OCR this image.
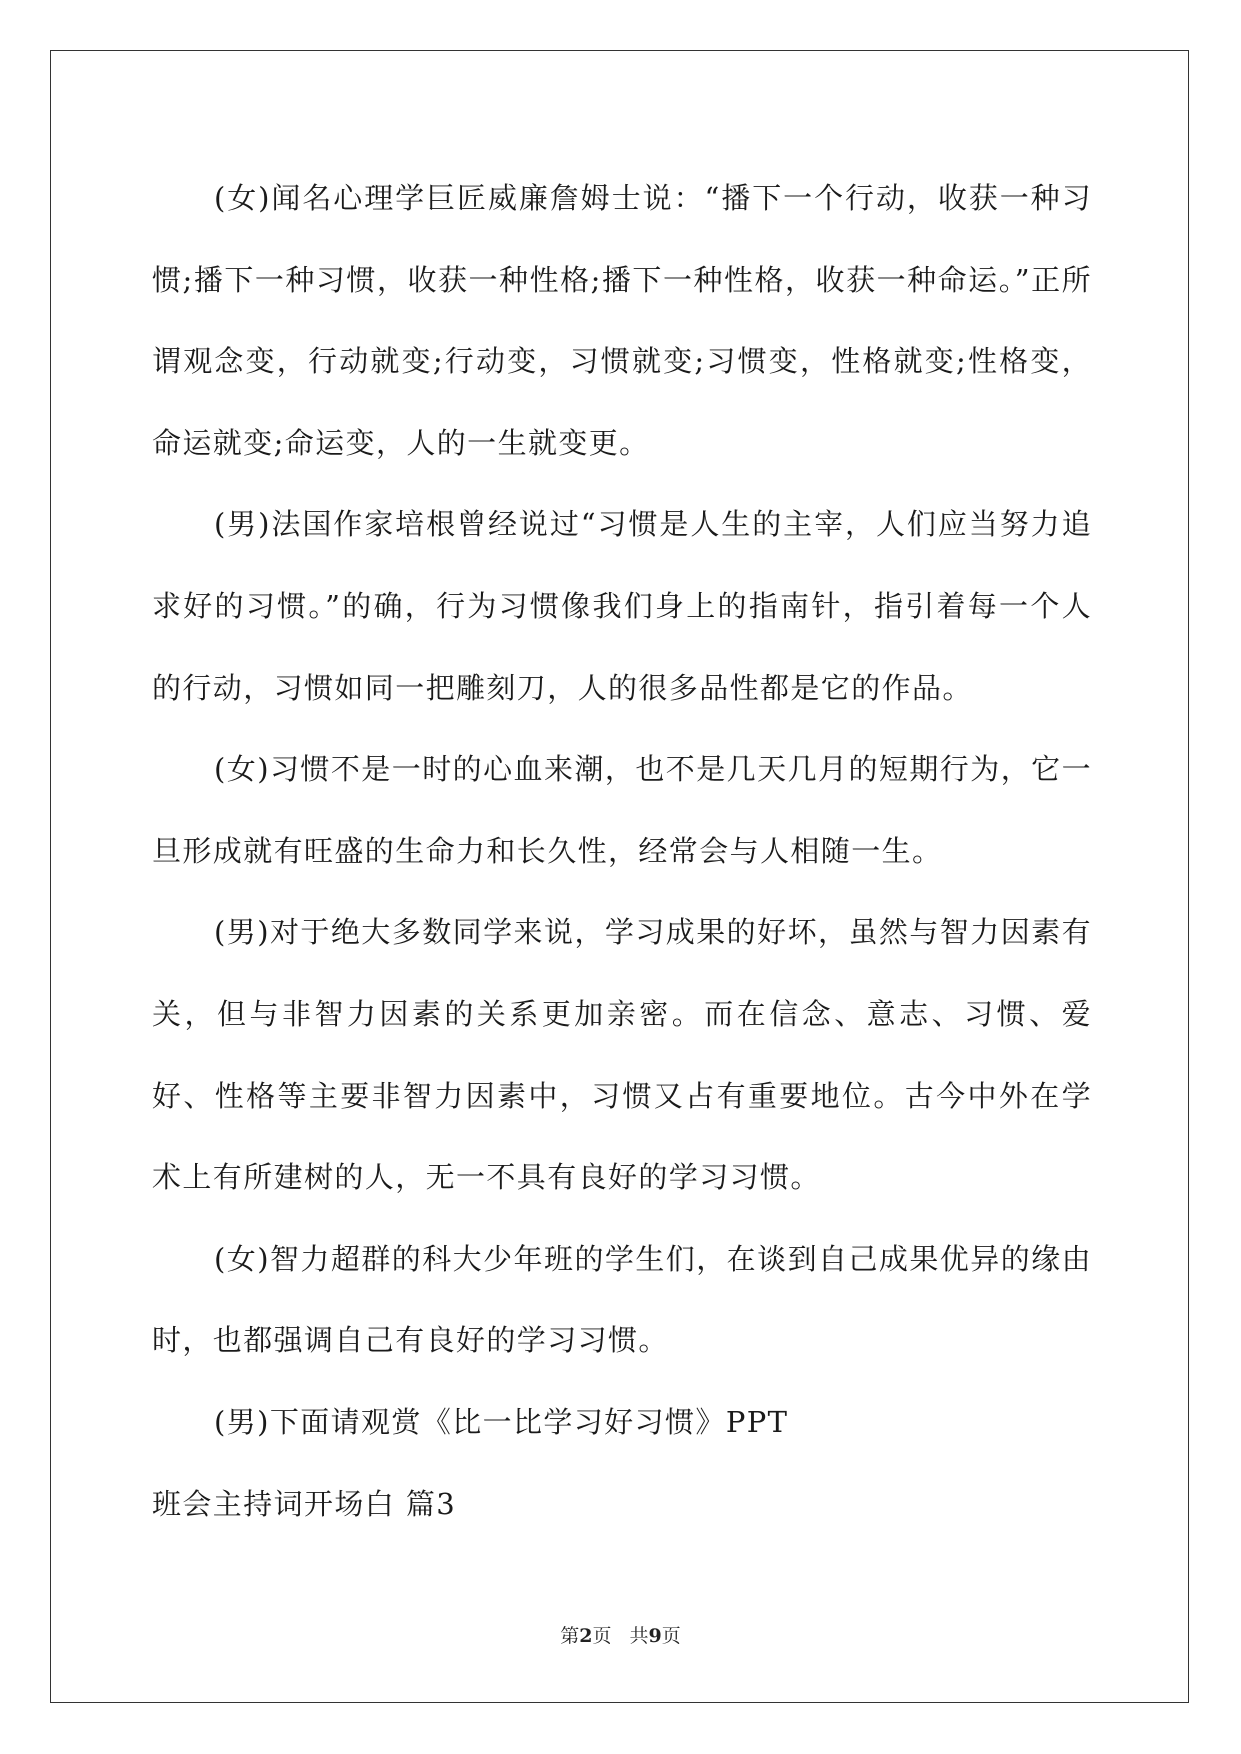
(女)闻名心理学巨匠威廉詹姆士说：“播下一个行动，收获一种习惯;播下一种习惯，收获一种性格;播下一种性格，收获一种命运。”正所谓观念变，行动就变;行动变，习惯就变;习惯变，性格就变;性格变，命运就变;命运变，人的一生就变更。

(男)法国作家培根曾经说过“习惯是人生的主宰，人们应当努力追求好的习惯。”的确，行为习惯像我们身上的指南针，指引着每一个人的行动，习惯如同一把雕刻刀，人的很多品性都是它的作品。

(女)习惯不是一时的心血来潮，也不是几天几月的短期行为，它一旦形成就有旺盛的生命力和长久性，经常会与人相随一生。

(男)对于绝大多数同学来说，学习成果的好坏，虽然与智力因素有关，但与非智力因素的关系更加亲密。而在信念、意志、习惯、爱好、性格等主要非智力因素中，习惯又占有重要地位。古今中外在学术上有所建树的人，无一不具有良好的学习习惯。

(女)智力超群的科大少年班的学生们，在谈到自己成果优异的缘由时，也都强调自己有良好的学习习惯。

(男)下面请观赏《比一比学习好习惯》PPT

班会主持词开场白 篇3

第2页 共9页
